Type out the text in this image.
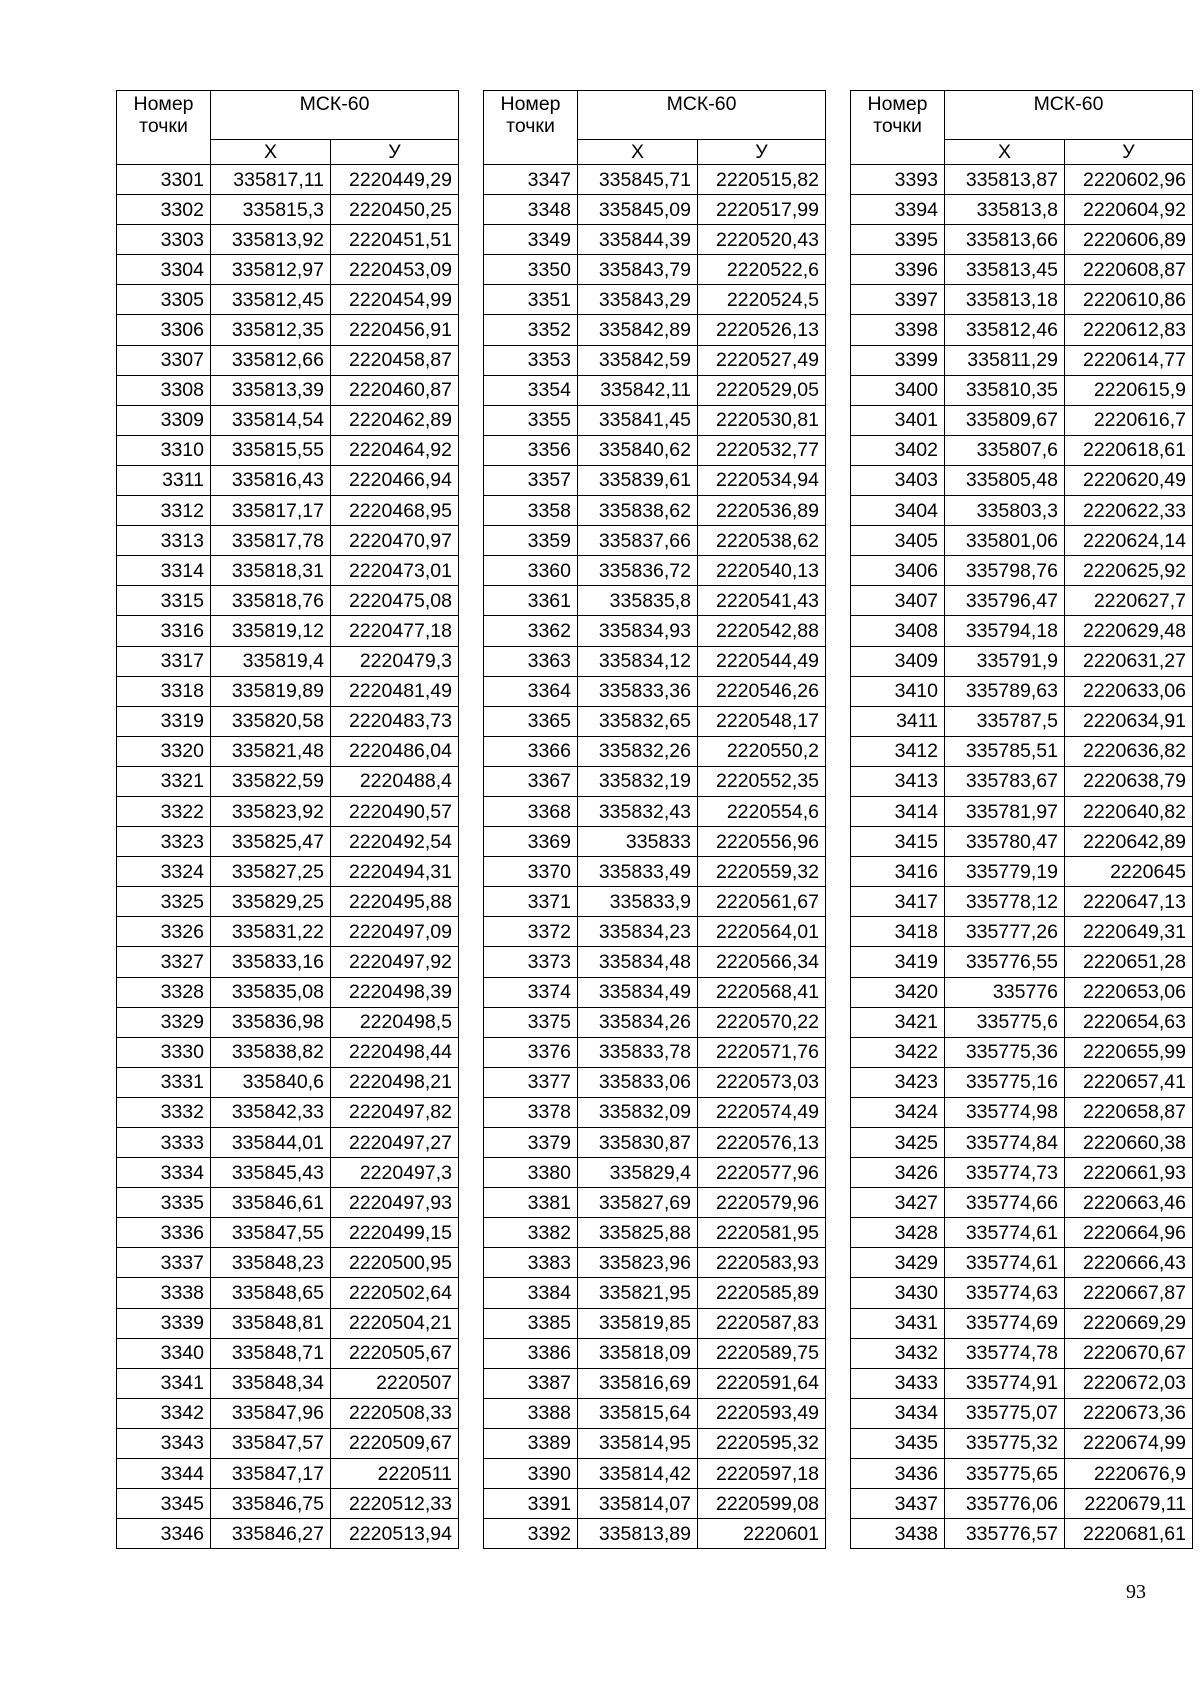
Номер точки	МСК-60	
	Х	У
3301	335817,11	2220449,29
3302	335815,3	2220450,25
3303	335813,92	2220451,51
3304	335812,97	2220453,09
3305	335812,45	2220454,99
3306	335812,35	2220456,91
3307	335812,66	2220458,87
3308	335813,39	2220460,87
3309	335814,54	2220462,89
3310	335815,55	2220464,92
3311	335816,43	2220466,94
3312	335817,17	2220468,95
3313	335817,78	2220470,97
3314	335818,31	2220473,01
3315	335818,76	2220475,08
3316	335819,12	2220477,18
3317	335819,4	2220479,3
3318	335819,89	2220481,49
3319	335820,58	2220483,73
3320	335821,48	2220486,04
3321	335822,59	2220488,4
3322	335823,92	2220490,57
3323	335825,47	2220492,54
3324	335827,25	2220494,31
3325	335829,25	2220495,88
3326	335831,22	2220497,09
3327	335833,16	2220497,92
3328	335835,08	2220498,39
3329	335836,98	2220498,5
3330	335838,82	2220498,44
3331	335840,6	2220498,21
3332	335842,33	2220497,82
3333	335844,01	2220497,27
3334	335845,43	2220497,3
3335	335846,61	2220497,93
3336	335847,55	2220499,15
3337	335848,23	2220500,95
3338	335848,65	2220502,64
3339	335848,81	2220504,21
3340	335848,71	2220505,67
3341	335848,34	2220507
3342	335847,96	2220508,33
3343	335847,57	2220509,67
3344	335847,17	2220511
3345	335846,75	2220512,33
3346	335846,27	2220513,94
Номер точки	МСК-60	
	Х	У
3347	335845,71	2220515,82
3348	335845,09	2220517,99
3349	335844,39	2220520,43
3350	335843,79	2220522,6
3351	335843,29	2220524,5
3352	335842,89	2220526,13
3353	335842,59	2220527,49
3354	335842,11	2220529,05
3355	335841,45	2220530,81
3356	335840,62	2220532,77
3357	335839,61	2220534,94
3358	335838,62	2220536,89
3359	335837,66	2220538,62
3360	335836,72	2220540,13
3361	335835,8	2220541,43
3362	335834,93	2220542,88
3363	335834,12	2220544,49
3364	335833,36	2220546,26
3365	335832,65	2220548,17
3366	335832,26	2220550,2
3367	335832,19	2220552,35
3368	335832,43	2220554,6
3369	335833	2220556,96
3370	335833,49	2220559,32
3371	335833,9	2220561,67
3372	335834,23	2220564,01
3373	335834,48	2220566,34
3374	335834,49	2220568,41
3375	335834,26	2220570,22
3376	335833,78	2220571,76
3377	335833,06	2220573,03
3378	335832,09	2220574,49
3379	335830,87	2220576,13
3380	335829,4	2220577,96
3381	335827,69	2220579,96
3382	335825,88	2220581,95
3383	335823,96	2220583,93
3384	335821,95	2220585,89
3385	335819,85	2220587,83
3386	335818,09	2220589,75
3387	335816,69	2220591,64
3388	335815,64	2220593,49
3389	335814,95	2220595,32
3390	335814,42	2220597,18
3391	335814,07	2220599,08
3392	335813,89	2220601
Номер точки	МСК-60	
	Х	У
3393	335813,87	2220602,96
3394	335813,8	2220604,92
3395	335813,66	2220606,89
3396	335813,45	2220608,87
3397	335813,18	2220610,86
3398	335812,46	2220612,83
3399	335811,29	2220614,77
3400	335810,35	2220615,9
3401	335809,67	2220616,7
3402	335807,6	2220618,61
3403	335805,48	2220620,49
3404	335803,3	2220622,33
3405	335801,06	2220624,14
3406	335798,76	2220625,92
3407	335796,47	2220627,7
3408	335794,18	2220629,48
3409	335791,9	2220631,27
3410	335789,63	2220633,06
3411	335787,5	2220634,91
3412	335785,51	2220636,82
3413	335783,67	2220638,79
3414	335781,97	2220640,82
3415	335780,47	2220642,89
3416	335779,19	2220645
3417	335778,12	2220647,13
3418	335777,26	2220649,31
3419	335776,55	2220651,28
3420	335776	2220653,06
3421	335775,6	2220654,63
3422	335775,36	2220655,99
3423	335775,16	2220657,41
3424	335774,98	2220658,87
3425	335774,84	2220660,38
3426	335774,73	2220661,93
3427	335774,66	2220663,46
3428	335774,61	2220664,96
3429	335774,61	2220666,43
3430	335774,63	2220667,87
3431	335774,69	2220669,29
3432	335774,78	2220670,67
3433	335774,91	2220672,03
3434	335775,07	2220673,36
3435	335775,32	2220674,99
3436	335775,65	2220676,9
3437	335776,06	2220679,11
3438	335776,57	2220681,61
93
